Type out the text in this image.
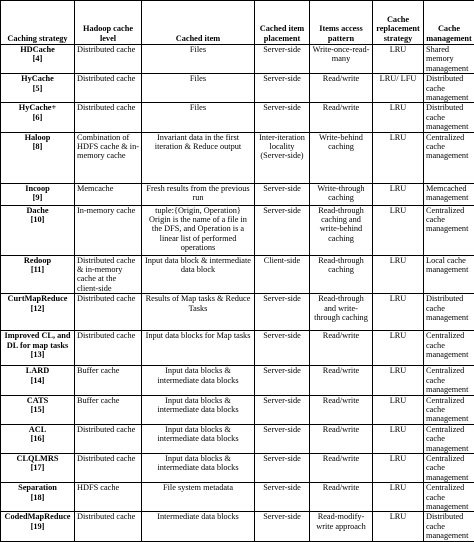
Caching strategy	Hadoop cache level	Cached item	Cached item placement	Items access pattern	Cache replacement strategy	Cache management
HDCache
[4]	Distributed cache	Files	Server-side	Write-once-read-many	LRU	Shared memory management
HyCache
[5]	Distributed cache	Files	Server-side	Read/write	LRU/ LFU	Distributed cache management
HyCache+
[6]	Distributed cache	Files	Server-side	Read/write	LRU	Distributed cache management
Haloop
[8]	Combination of HDFS cache & in-memory cache	Invariant data in the first iteration & Reduce output	Inter-iteration locality (Server-side)	Write-behind caching	LRU	Centralized cache management
Incoop
[9]	Memcache	Fresh results from the previous run	Server-side	Write-through caching	LRU	Memcached management
Dache
[10]	In-memory cache	tuple:{Origin, Operation} Origin is the name of a file in the DFS, and Operation is a linear list of performed operations	Server-side	Read-through caching and write-behind caching	LRU	Centralized cache management
Redoop
[11]	Distributed cache & in-memory cache at the client-side	Input data block & intermediate data block	Client-side	Read-through caching	LRU	Local cache management
CurtMapReduce
[12]	Distributed cache	Results of Map tasks & Reduce Tasks	Server-side	Read-through and write-through caching	LRU	Distributed cache management
Improved CL, and DL for map tasks
[13]	Distributed cache	Input data blocks for Map tasks	Server-side	Read/write	LRU	Centralized cache management
LARD
[14]	Buffer cache	Input data blocks & intermediate data blocks	Server-side	Read/write	LRU	Centralized cache management
CATS
[15]	Buffer cache	Input data blocks & intermediate data blocks	Server-side	Read/write	LRU	Centralized cache management
ACL
[16]	Distributed cache	Input data blocks & intermediate data blocks	Server-side	Read/write	LRU	Centralized cache management
CLQLMRS
[17]	Distributed cache	Input data blocks & intermediate data blocks	Server-side	Read/write	LRU	Centralized cache management
Separation
[18]	HDFS cache	File system metadata	Server-side	Read/write	LRU	Centralized cache management
CodedMapReduce
[19]	Distributed cache	Intermediate data blocks	Server-side	Read-modify-write approach	LRU	Distributed cache management
